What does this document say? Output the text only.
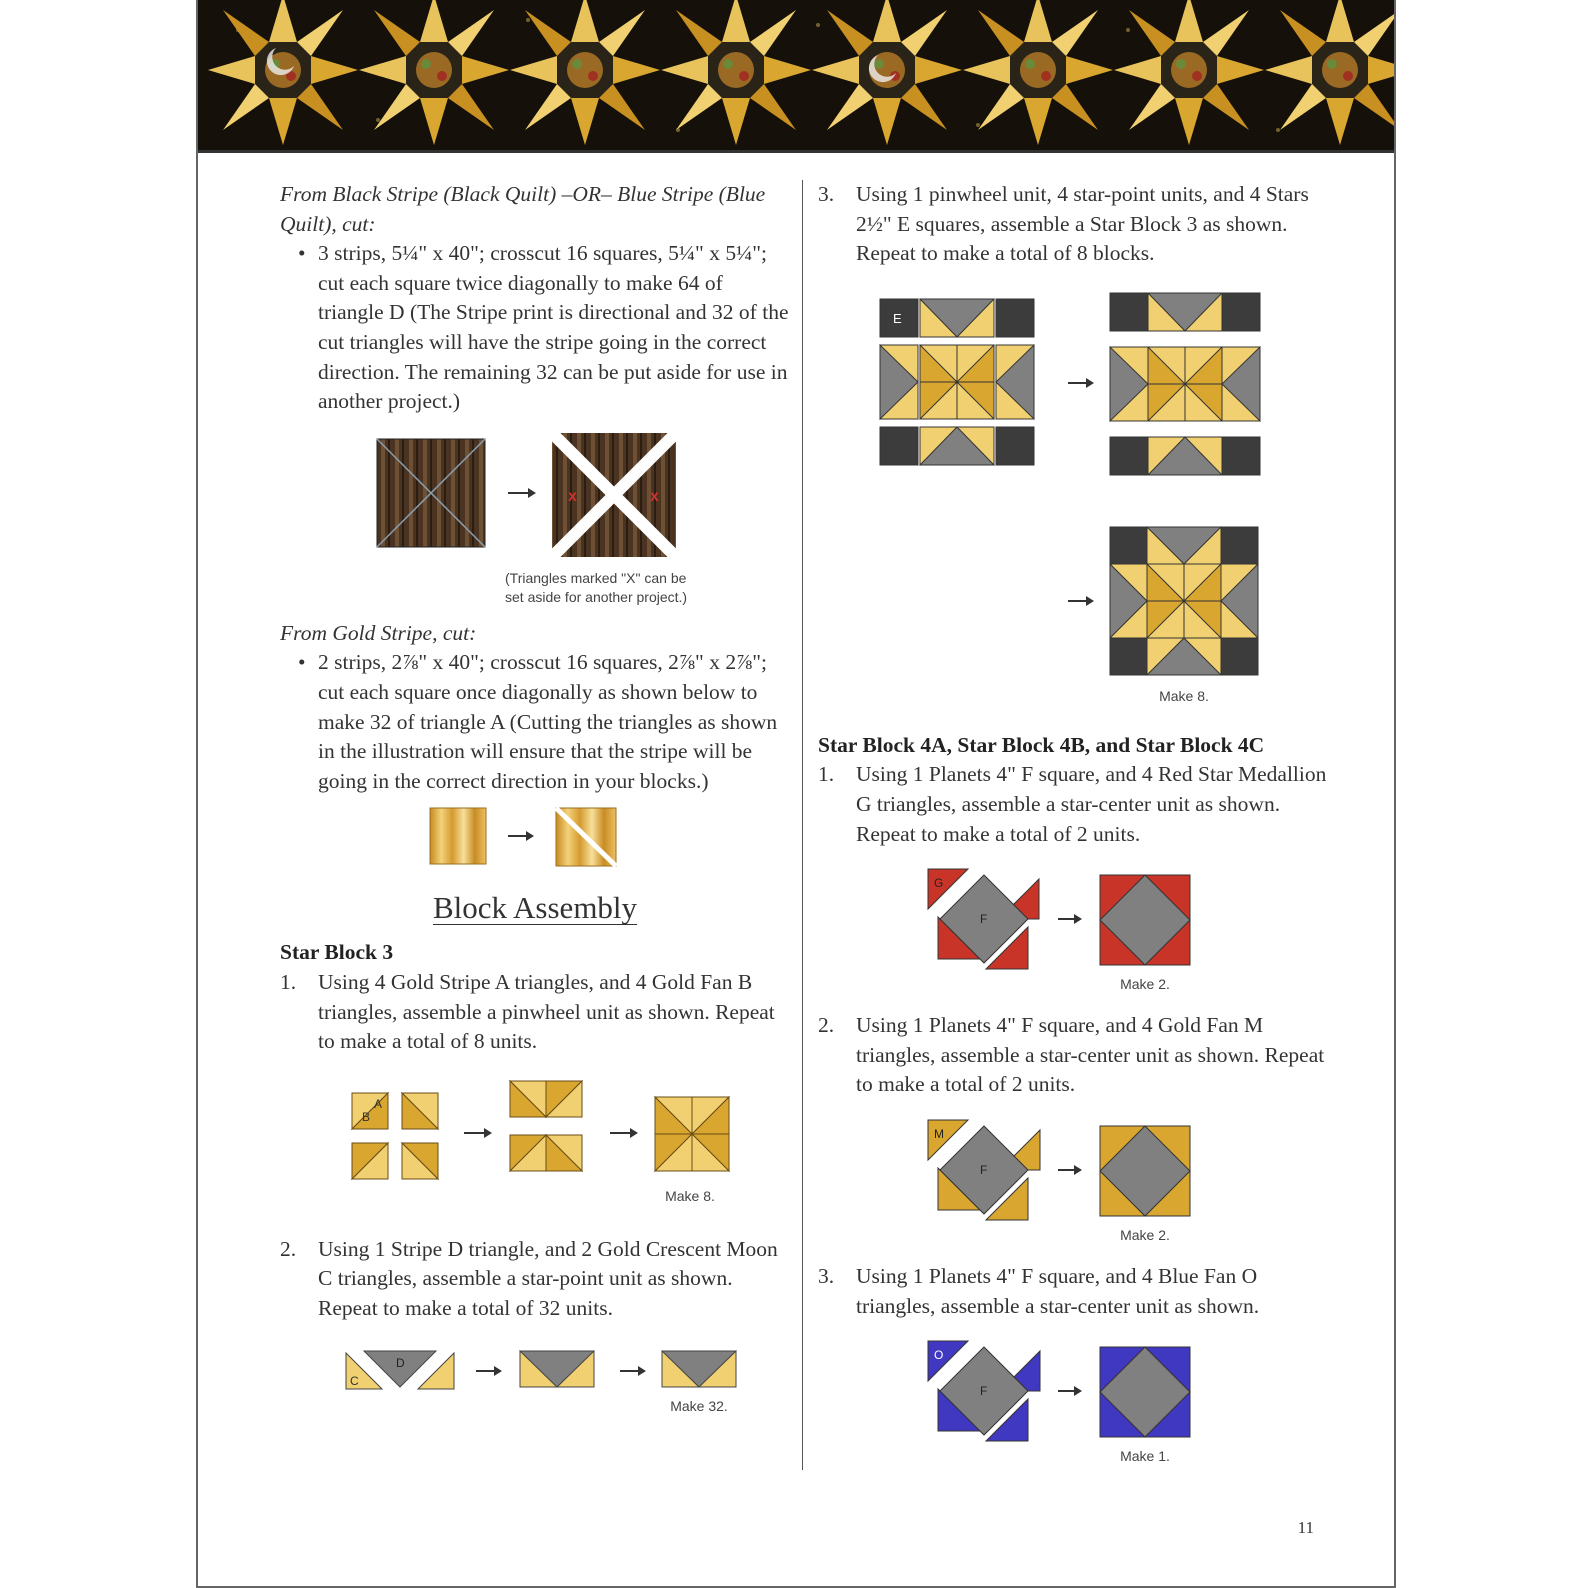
From Black Stripe (Black Quilt) –OR– Blue Stripe (Blue Quilt), cut:

• 3 strips, 5¼" x 40"; crosscut 16 squares, 5¼" x 5¼"; cut each square twice diagonally to make 64 of triangle D (The Stripe print is directional and 32 of the cut triangles will have the stripe going in the correct direction. The remaining 32 can be put aside for use in another project.)
x	x
(Triangles marked "X" can be
set aside for another project.)

From Gold Stripe, cut:

• 2 strips, 2⅞" x 40"; crosscut 16 squares, 2⅞" x 2⅞"; cut each square once diagonally as shown below to make 32 of triangle A (Cutting the triangles as shown in the illustration will ensure that the stripe will be going in the correct direction in your blocks.)
Block Assembly
Star Block 3

1. Using 4 Gold Stripe A triangles, and 4 Gold Fan B triangles, assemble a pinwheel unit as shown. Repeat to make a total of 8 units.

A
B
Make 8.

2. Using 1 Stripe D triangle, and 2 Gold Crescent Moon C triangles, assemble a star-point unit as shown. Repeat to make a total of 32 units.

C
D
Make 32.

3. Using 1 pinwheel unit, 4 star-point units, and 4 Stars 2½" E squares, assemble a Star Block 3 as shown. Repeat to make a total of 8 blocks.

E
Make 8.
Star Block 4A, Star Block 4B, and Star Block 4C

1. Using 1 Planets 4" F square, and 4 Red Star Medallion G triangles, assemble a star-center unit as shown. Repeat to make a total of 2 units.

G
F
Make 2.

2. Using 1 Planets 4" F square, and 4 Gold Fan M triangles, assemble a star-center unit as shown. Repeat to make a total of 2 units.

M
F
Make 2.

3. Using 1 Planets 4" F square, and 4 Blue Fan O triangles, assemble a star-center unit as shown.

O
F
Make 1.
11
